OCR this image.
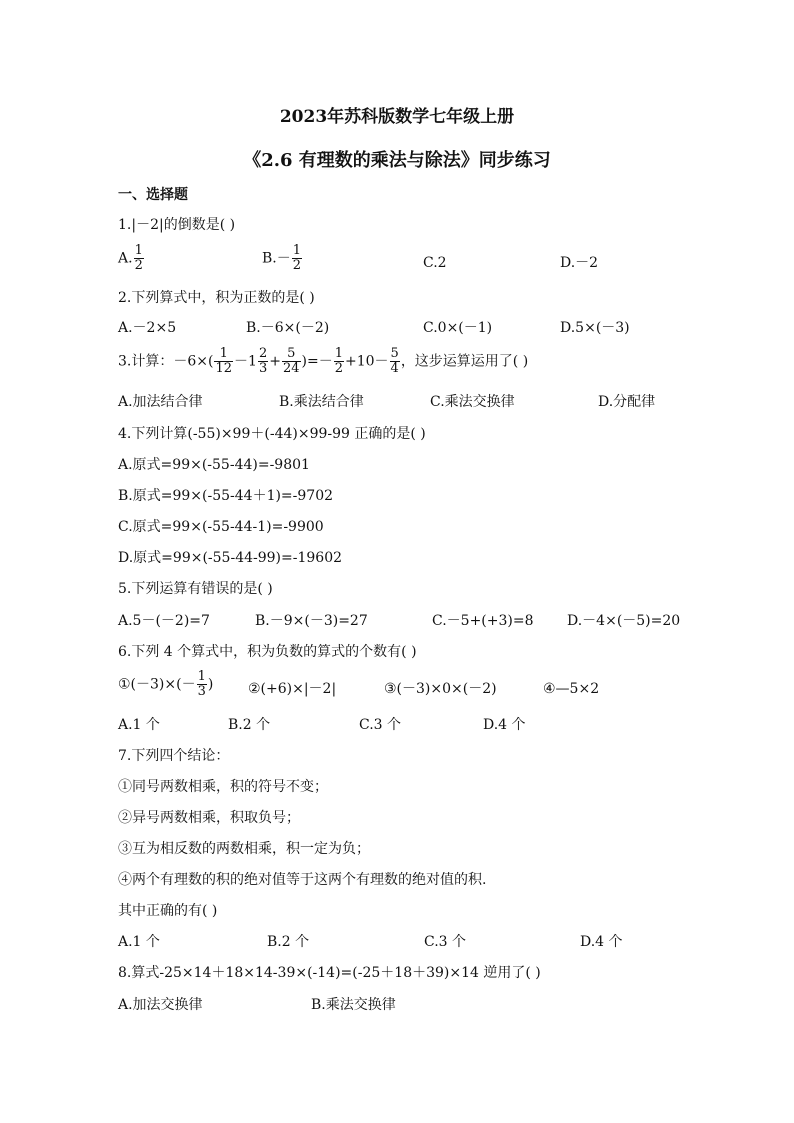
2023年苏科版数学七年级上册
《2.6 有理数的乘法与除法》同步练习
一、选择题
1.|－2|的倒数是( )
A. $\frac{1}{2}$	$B.- \frac{1}{2}$	C.2	D.－2
2.下列算式中，积为正数的是( )
A.－2×5	B.－6×(－2)	C.0×(－1)	D.5×(－3)
3.计算：$-6\times( \frac{1}{12} -1 \frac{2}{3} + \frac{5}{24}$ )=－ $\frac{1}{2} +10- \frac{5}{4}$ ，这步运算运用了( )
A.加法结合律	B.乘法结合律	C.乘法交换律	D.分配律
4.下列计算(-55)×99＋(-44)×99-99 正确的是( )
A.原式=99×(-55-44)=-9801
B.原式=99×(-55-44＋1)=-9702
C.原式=99×(-55-44-1)=-9900
D.原式=99×(-55-44-99)=-19602
5.下列运算有错误的是( )
A.5－(－2)=7	B.－9×(－3)=27	C.－5+(+3)=8 D.－4×(－5)=20
6.下列 4 个算式中，积为负数的算式的个数有( )
①(－3)×(－ $\frac{1}{3}$ ) ②(+6)×|－2|	③(－3)×0×(－2)	④—5×2
A.1 个	B.2 个	C.3 个	D.4 个
7.下列四个结论：
①同号两数相乘，积的符号不变；
②异号两数相乘，积取负号；
③互为相反数的两数相乘，积一定为负；
④两个有理数的积的绝对值等于这两个有理数的绝对值的积.
其中正确的有( )
A.1 个	B.2 个	C.3 个	D.4 个
8.算式-25×14＋18×14-39×(-14)=(-25＋18＋39)×14 逆用了( )
A.加法交换律	B.乘法交换律
